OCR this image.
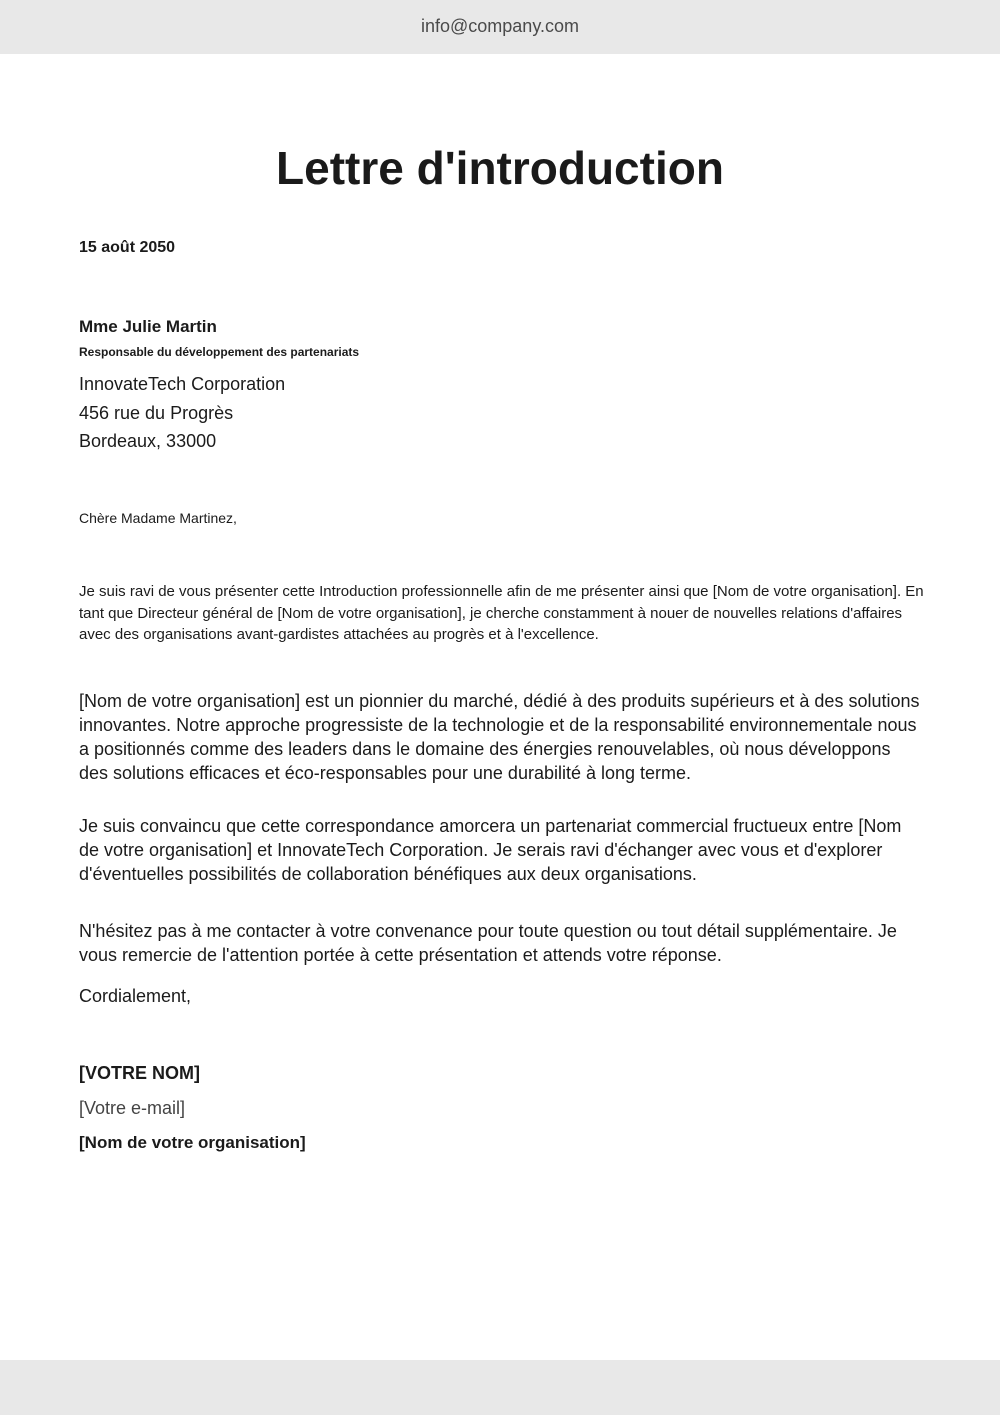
info@company.com
Lettre d'introduction
15 août 2050
Mme Julie Martin
Responsable du développement des partenariats
InnovateTech Corporation
456 rue du Progrès
Bordeaux, 33000
Chère Madame Martinez,
Je suis ravi de vous présenter cette Introduction professionnelle afin de me présenter ainsi que [Nom de votre organisation]. En tant que Directeur général de [Nom de votre organisation], je cherche constamment à nouer de nouvelles relations d'affaires avec des organisations avant-gardistes attachées au progrès et à l'excellence.
[Nom de votre organisation] est un pionnier du marché, dédié à des produits supérieurs et à des solutions innovantes. Notre approche progressiste de la technologie et de la responsabilité environnementale nous a positionnés comme des leaders dans le domaine des énergies renouvelables, où nous développons des solutions efficaces et éco-responsables pour une durabilité à long terme.
Je suis convaincu que cette correspondance amorcera un partenariat commercial fructueux entre [Nom de votre organisation] et InnovateTech Corporation. Je serais ravi d'échanger avec vous et d'explorer d'éventuelles possibilités de collaboration bénéfiques aux deux organisations.
N'hésitez pas à me contacter à votre convenance pour toute question ou tout détail supplémentaire. Je vous remercie de l'attention portée à cette présentation et attends votre réponse.
Cordialement,
[VOTRE NOM]
[Votre e-mail]
[Nom de votre organisation]
